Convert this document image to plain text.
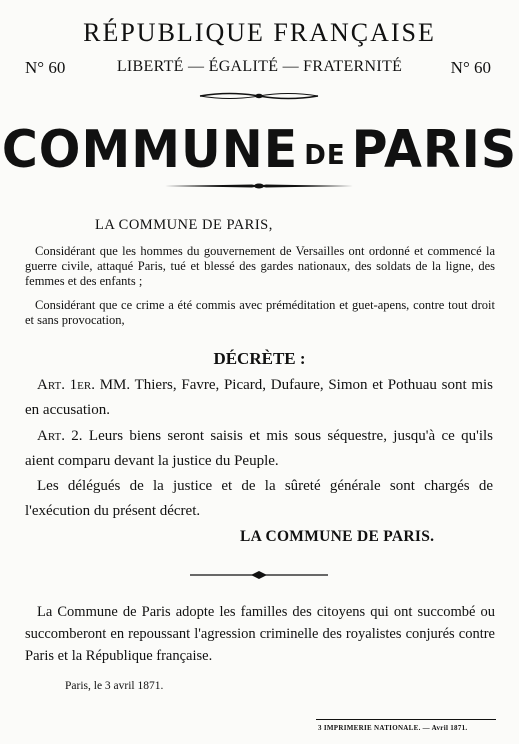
RÉPUBLIQUE FRANÇAISE
N° 60	LIBERTÉ — ÉGALITÉ — FRATERNITÉ	N° 60
COMMUNE DE PARIS
LA COMMUNE DE PARIS,
Considérant que les hommes du gouvernement de Versailles ont ordonné et commencé la guerre civile, attaqué Paris, tué et blessé des gardes nationaux, des soldats de la ligne, des femmes et des enfants ;
Considérant que ce crime a été commis avec préméditation et guet-apens, contre tout droit et sans provocation,
DÉCRÈTE :
Art. 1er. MM. Thiers, Favre, Picard, Dufaure, Simon et Pothuau sont mis en accusation.
Art. 2. Leurs biens seront saisis et mis sous séquestre, jusqu'à ce qu'ils aient comparu devant la justice du Peuple.
Les délégués de la justice et de la sûreté générale sont chargés de l'exécution du présent décret.
LA COMMUNE DE PARIS.
La Commune de Paris adopte les familles des citoyens qui ont succombé ou succomberont en repoussant l'agression criminelle des royalistes conjurés contre Paris et la République française.
Paris, le 3 avril 1871.
3 IMPRIMERIE NATIONALE. — Avril 1871.
